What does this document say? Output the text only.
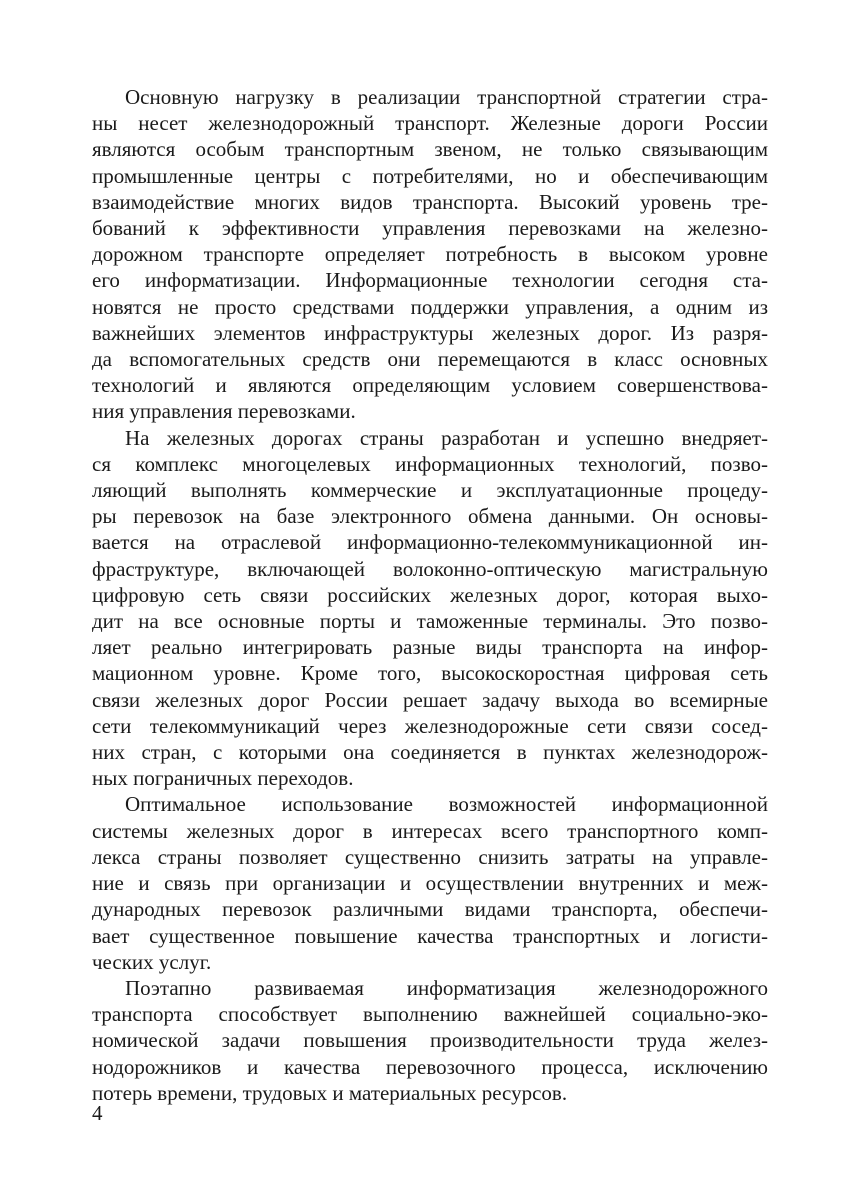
Основную нагрузку в реализации транспортной стратегии стра-
ны несет железнодорожный транспорт. Железные дороги России
являются особым транспортным звеном, не только связывающим
промышленные центры с потребителями, но и обеспечивающим
взаимодействие многих видов транспорта. Высокий уровень тре-
бований к эффективности управления перевозками на железно-
дорожном транспорте определяет потребность в высоком уровне
его информатизации. Информационные технологии сегодня ста-
новятся не просто средствами поддержки управления, а одним из
важнейших элементов инфраструктуры железных дорог. Из разря-
да вспомогательных средств они перемещаются в класс основных
технологий и являются определяющим условием совершенствова-
ния управления перевозками.
На железных дорогах страны разработан и успешно внедряет-
ся комплекс многоцелевых информационных технологий, позво-
ляющий выполнять коммерческие и эксплуатационные процеду-
ры перевозок на базе электронного обмена данными. Он основы-
вается на отраслевой информационно-телекоммуникационной ин-
фраструктуре, включающей волоконно-оптическую магистральную
цифровую сеть связи российских железных дорог, которая выхо-
дит на все основные порты и таможенные терминалы. Это позво-
ляет реально интегрировать разные виды транспорта на инфор-
мационном уровне. Кроме того, высокоскоростная цифровая сеть
связи железных дорог России решает задачу выхода во всемирные
сети телекоммуникаций через железнодорожные сети связи сосед-
них стран, с которыми она соединяется в пунктах железнодорож-
ных пограничных переходов.
Оптимальное использование возможностей информационной
системы железных дорог в интересах всего транспортного комп-
лекса страны позволяет существенно снизить затраты на управле-
ние и связь при организации и осуществлении внутренних и меж-
дународных перевозок различными видами транспорта, обеспечи-
вает существенное повышение качества транспортных и логисти-
ческих услуг.
Поэтапно развиваемая информатизация железнодорожного
транспорта способствует выполнению важнейшей социально-эко-
номической задачи повышения производительности труда желез-
нодорожников и качества перевозочного процесса, исключению
потерь времени, трудовых и материальных ресурсов.
4
